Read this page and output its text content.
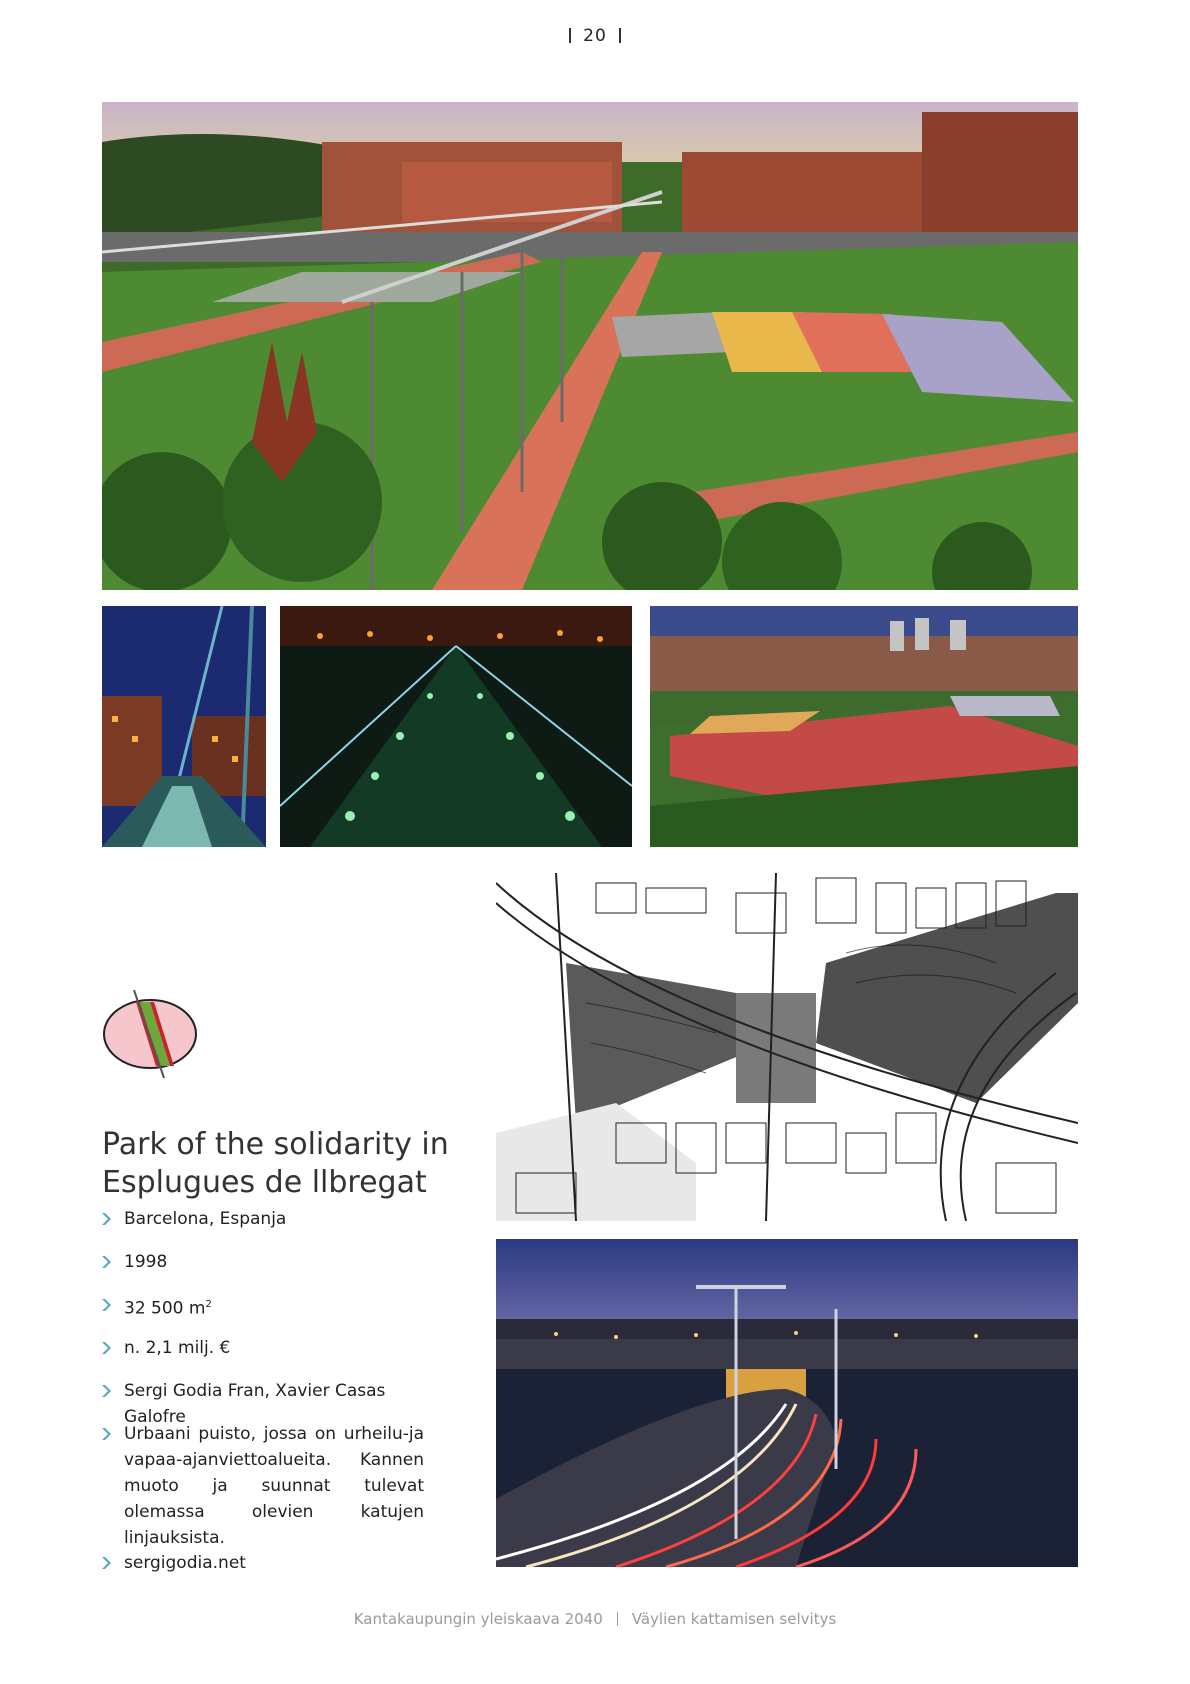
20
Park of the solidarity in
Esplugues de llbregat
Barcelona, Espanja
1998
32 500 $m^2$
n. 2,1 milj. €
Sergi Godia Fran, Xavier Casas Galofre
Urbaani puisto, jossa on urheilu-ja vapaa-ajanviettoalueita. Kannen muoto ja suunnat tulevat olemassa olevien katujen linjauksista.
sergigodia.net
Kantakaupungin yleiskaava 2040 Väylien kattamisen selvitys
